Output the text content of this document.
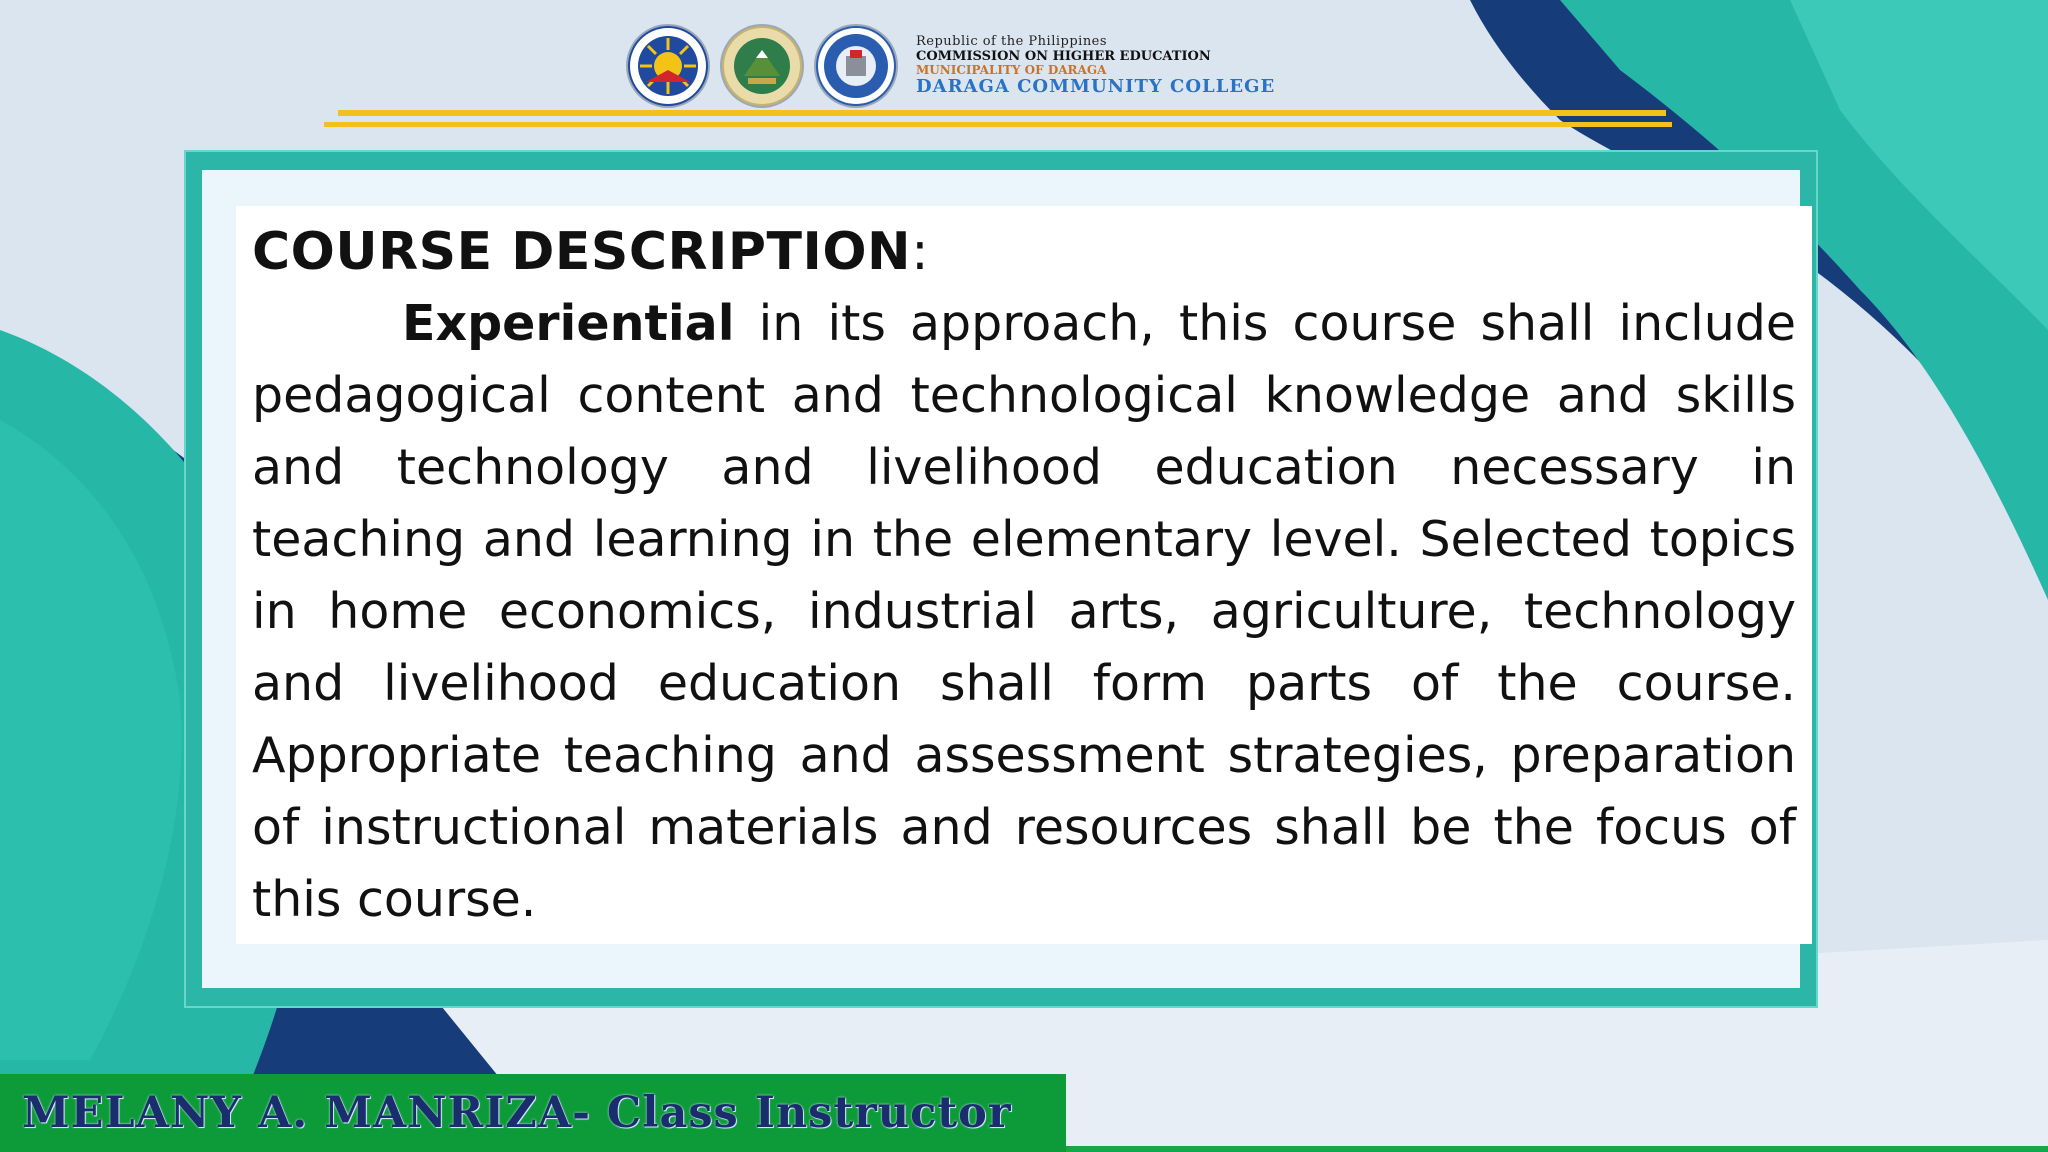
Republic of the Philippines
COMMISSION ON HIGHER EDUCATION
MUNICIPALITY OF DARAGA
DARAGA COMMUNITY COLLEGE

COURSE DESCRIPTION:

Experiential in its approach, this course shall include pedagogical content and technological knowledge and skills and technology and livelihood education necessary in teaching and learning in the elementary level. Selected topics in home economics, industrial arts, agriculture, technology and livelihood education shall form parts of the course. Appropriate teaching and assessment strategies, preparation of instructional materials and resources shall be the focus of this course.

MELANY A. MANRIZA- Class Instructor
